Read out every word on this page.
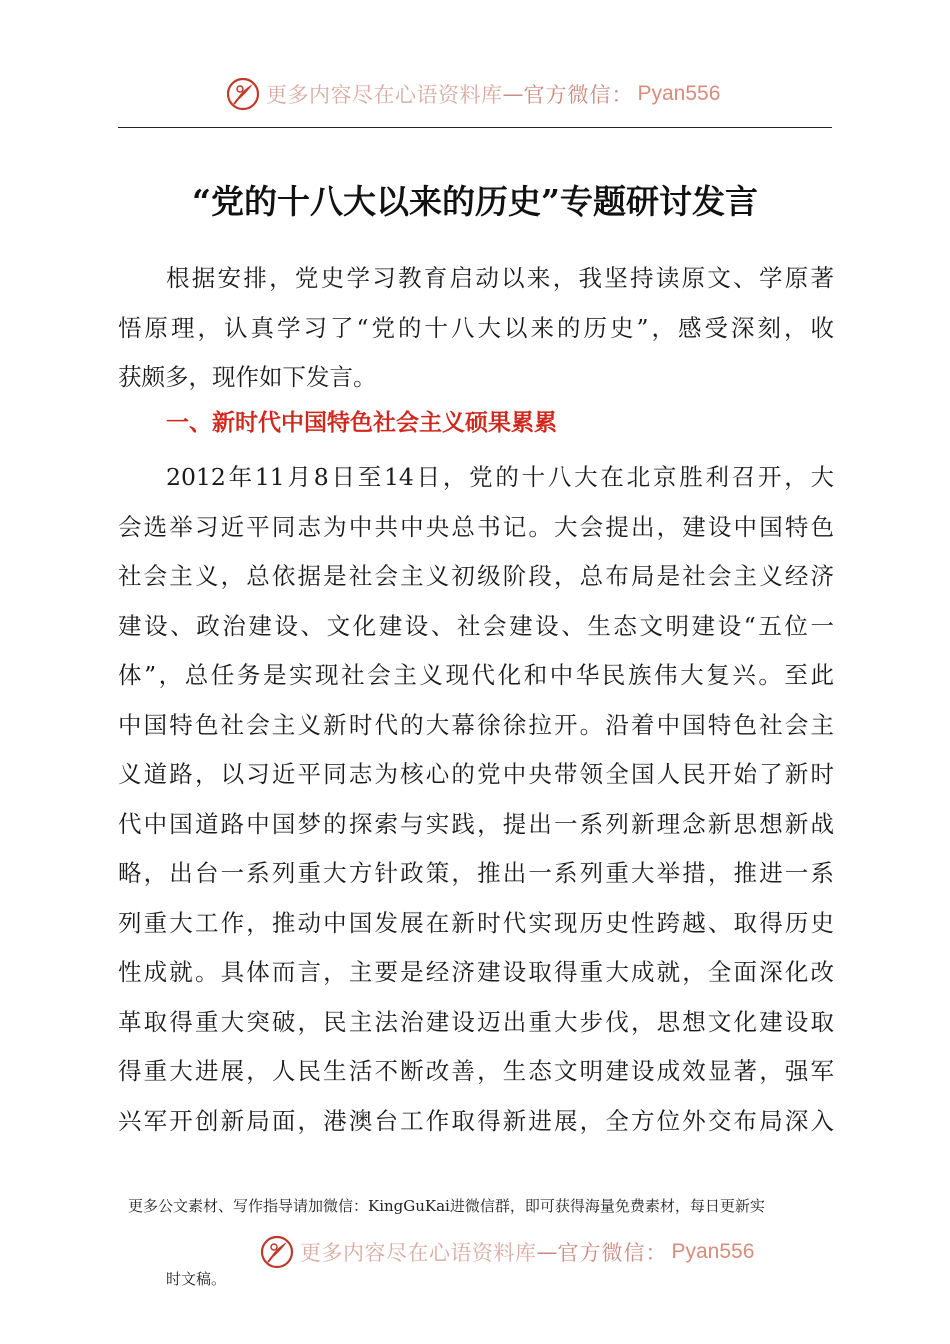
更多内容尽在心语资料库 — 官方微信： Pyan556
“党的十八大以来的历史”专题研讨发言
根据安排，党史学习教育启动以来，我坚持读原文、学原著
悟原理，认真学习了“党的十八大以来的历史”，感受深刻，收
获颇多，现作如下发言。
一、新时代中国特色社会主义硕果累累
2012年11月8日至14日，党的十八大在北京胜利召开，大
会选举习近平同志为中共中央总书记。大会提出，建设中国特色
社会主义，总依据是社会主义初级阶段，总布局是社会主义经济
建设、政治建设、文化建设、社会建设、生态文明建设“五位一
体”，总任务是实现社会主义现代化和中华民族伟大复兴。至此
中国特色社会主义新时代的大幕徐徐拉开。沿着中国特色社会主
义道路，以习近平同志为核心的党中央带领全国人民开始了新时
代中国道路中国梦的探索与实践，提出一系列新理念新思想新战
略，出台一系列重大方针政策，推出一系列重大举措，推进一系
列重大工作，推动中国发展在新时代实现历史性跨越、取得历史
性成就。具体而言，主要是经济建设取得重大成就，全面深化改
革取得重大突破，民主法治建设迈出重大步伐，思想文化建设取
得重大进展，人民生活不断改善，生态文明建设成效显著，强军
兴军开创新局面，港澳台工作取得新进展，全方位外交布局深入
更多公文素材、写作指导请加微信：KingGuKai进微信群，即可获得海量免费素材，每日更新实
更多内容尽在心语资料库 — 官方微信： Pyan556
时文稿。
